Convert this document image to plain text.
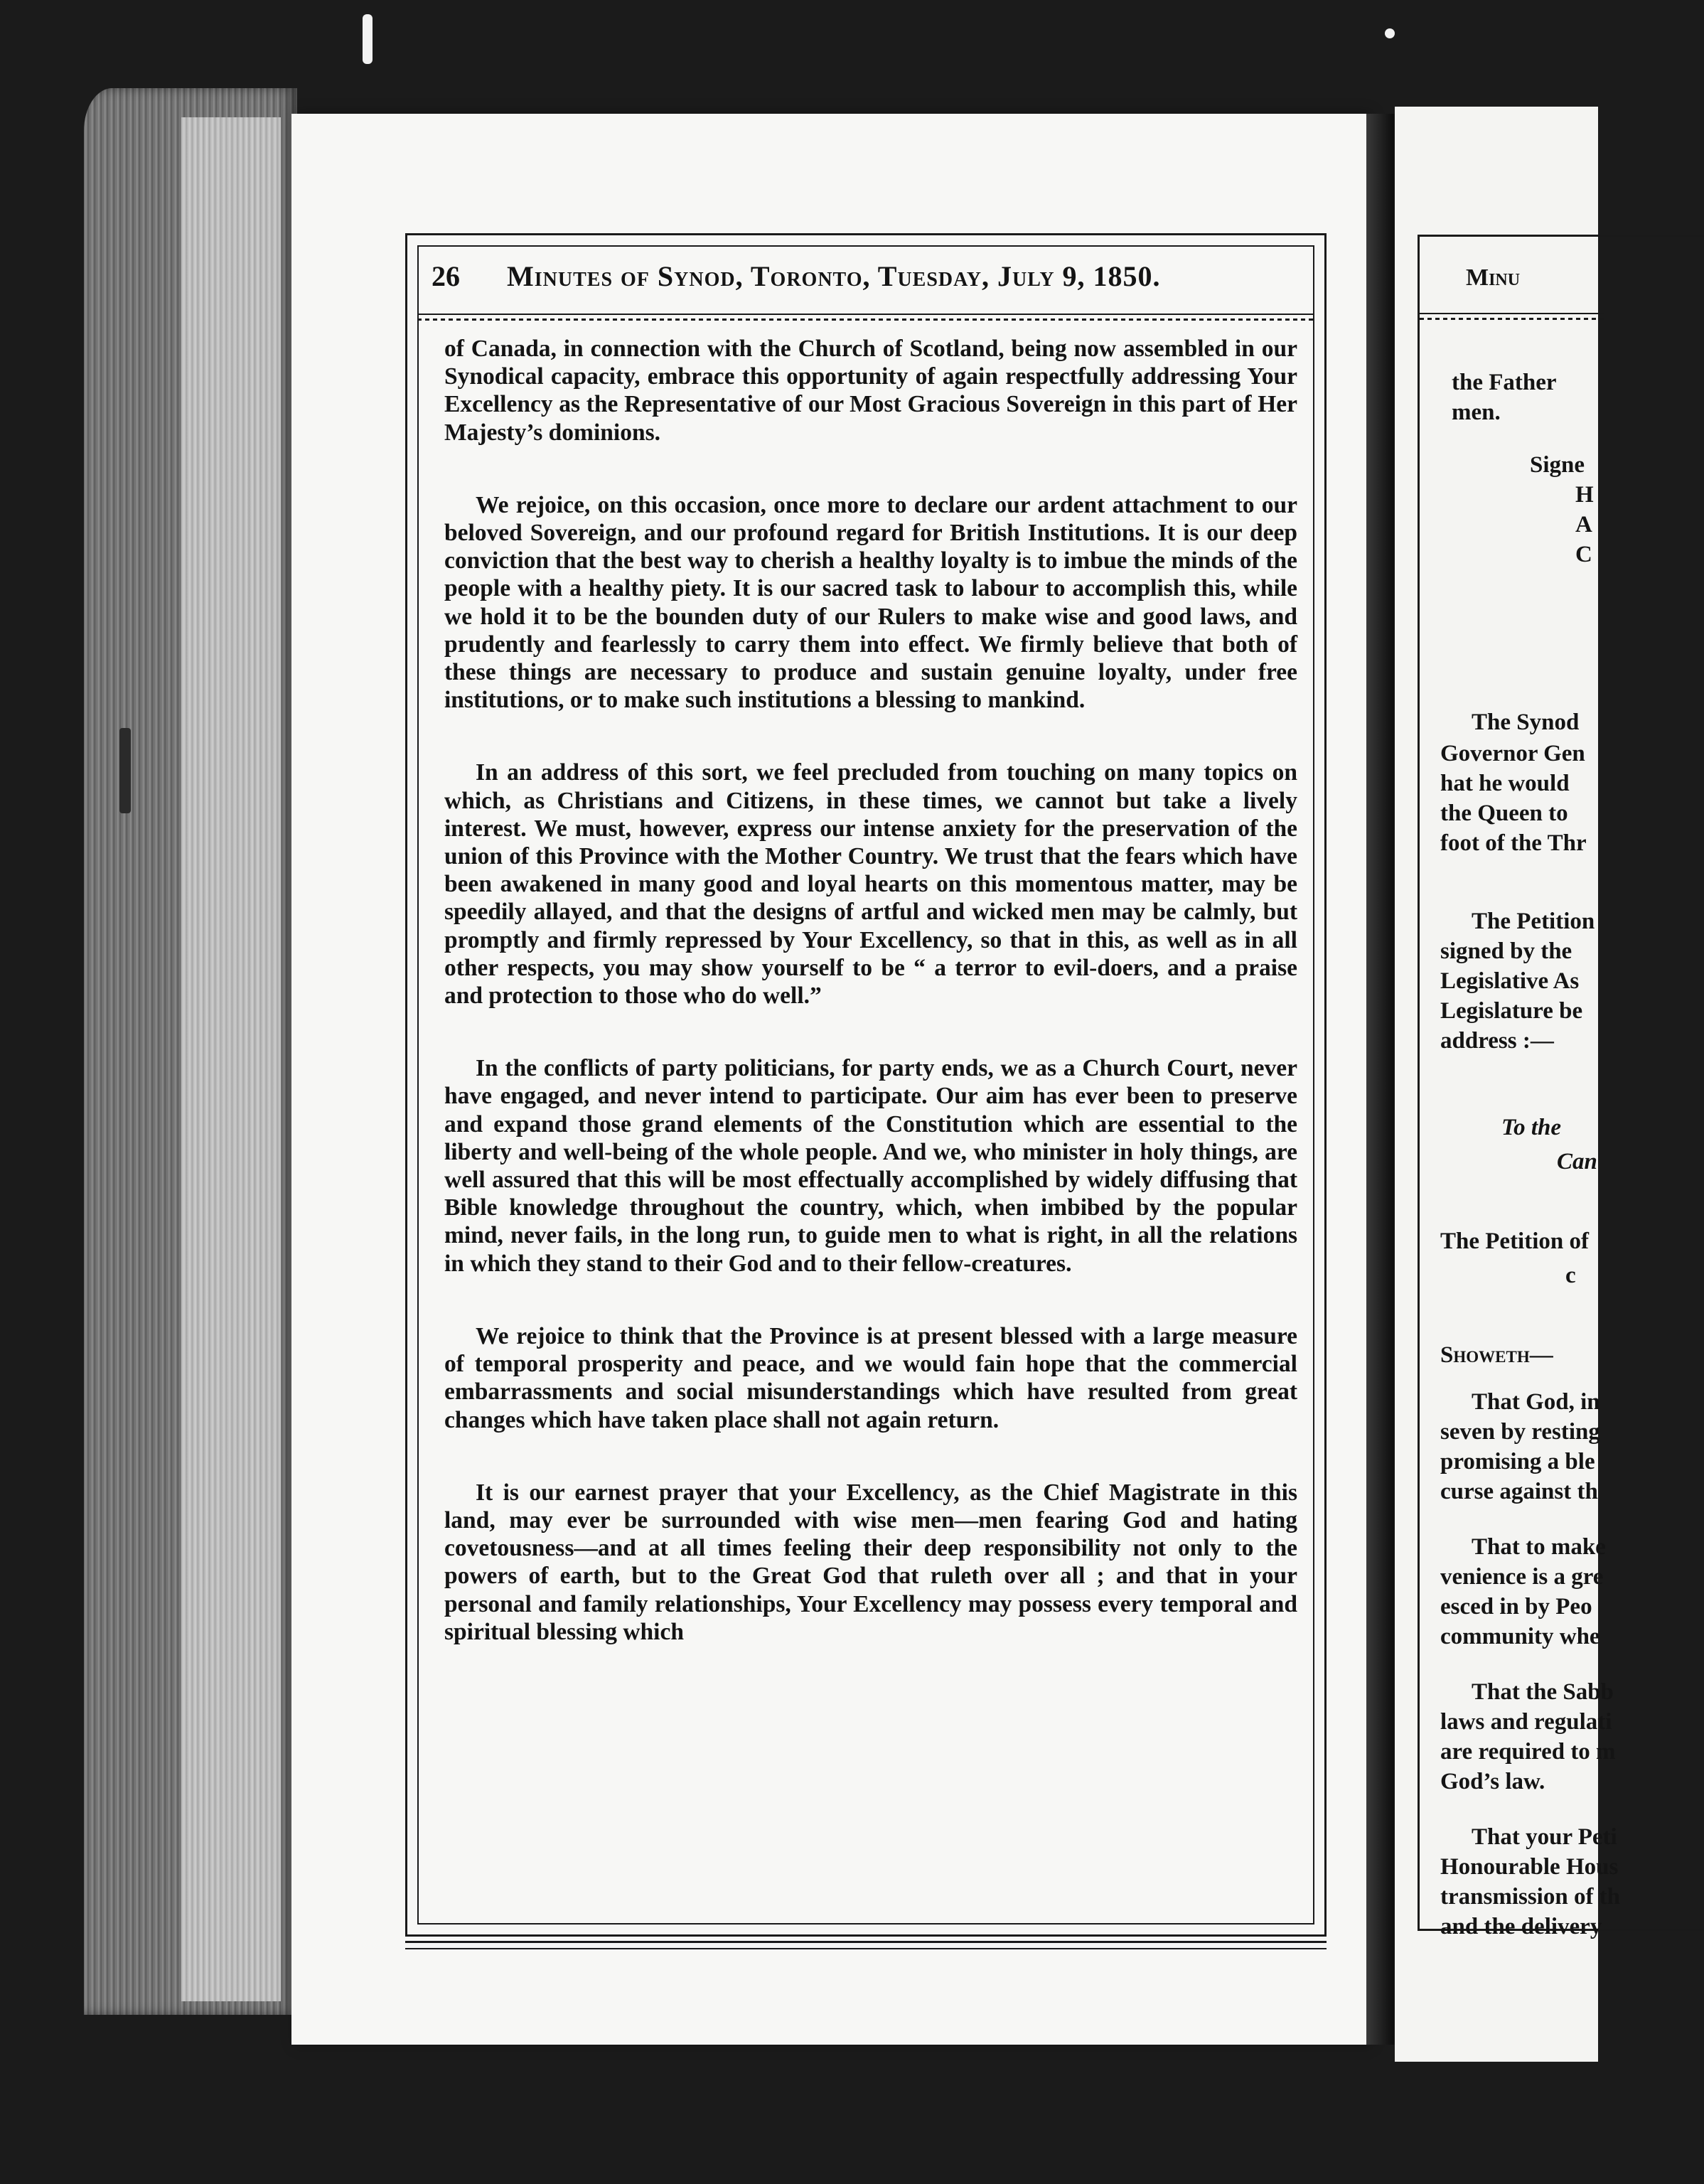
26 Minutes of Synod, Toronto, Tuesday, July 9, 1850.

of Canada, in connection with the Church of Scotland, being now assembled in our Synodical capacity, embrace this opportunity of again respectfully addressing Your Excellency as the Representative of our Most Gracious Sovereign in this part of Her Majesty’s dominions.

We rejoice, on this occasion, once more to declare our ardent attachment to our beloved Sovereign, and our profound regard for British Institutions. It is our deep conviction that the best way to cherish a healthy loyalty is to imbue the minds of the people with a healthy piety. It is our sacred task to labour to accomplish this, while we hold it to be the bounden duty of our Rulers to make wise and good laws, and prudently and fearlessly to carry them into effect. We firmly believe that both of these things are necessary to produce and sustain genuine loyalty, under free institutions, or to make such institutions a blessing to mankind.

In an address of this sort, we feel precluded from touching on many topics on which, as Christians and Citizens, in these times, we cannot but take a lively interest. We must, however, express our intense anxiety for the preservation of the union of this Province with the Mother Country. We trust that the fears which have been awakened in many good and loyal hearts on this momentous matter, may be speedily allayed, and that the designs of artful and wicked men may be calmly, but promptly and firmly repressed by Your Excellency, so that in this, as well as in all other respects, you may show yourself to be “ a terror to evil-doers, and a praise and protection to those who do well.”

In the conflicts of party politicians, for party ends, we as a Church Court, never have engaged, and never intend to participate. Our aim has ever been to preserve and expand those grand elements of the Constitution which are essential to the liberty and well-being of the whole people. And we, who minister in holy things, are well assured that this will be most effectually accomplished by widely diffusing that Bible knowledge throughout the country, which, when imbibed by the popular mind, never fails, in the long run, to guide men to what is right, in all the relations in which they stand to their God and to their fellow-creatures.

We rejoice to think that the Province is at present blessed with a large measure of temporal prosperity and peace, and we would fain hope that the commercial embarrassments and social misunderstandings which have resulted from great changes which have taken place shall not again return.

It is our earnest prayer that your Excellency, as the Chief Magistrate in this land, may ever be surrounded with wise men—men fearing God and hating covetousness—and at all times feeling their deep responsibility not only to the powers of earth, but to the Great God that ruleth over all ; and that in your personal and family relationships, Your Excellency may possess every temporal and spiritual blessing which

Minu
the Father
men.
Signe
H
A
C
The Synod
Governor Gen
hat he would
the Queen to
foot of the Thr
The Petition
signed by the
Legislative As
Legislature be
address :—
To the
Can
The Petition of
c
Showeth—
That God, in
seven by resting
promising a ble
curse against th
That to make
venience is a gre
esced in by Peo
community whe
That the Sabb
laws and regulati
are required to m
God’s law.
That your Peti
Honourable Hous
transmission of th
and the delivery
